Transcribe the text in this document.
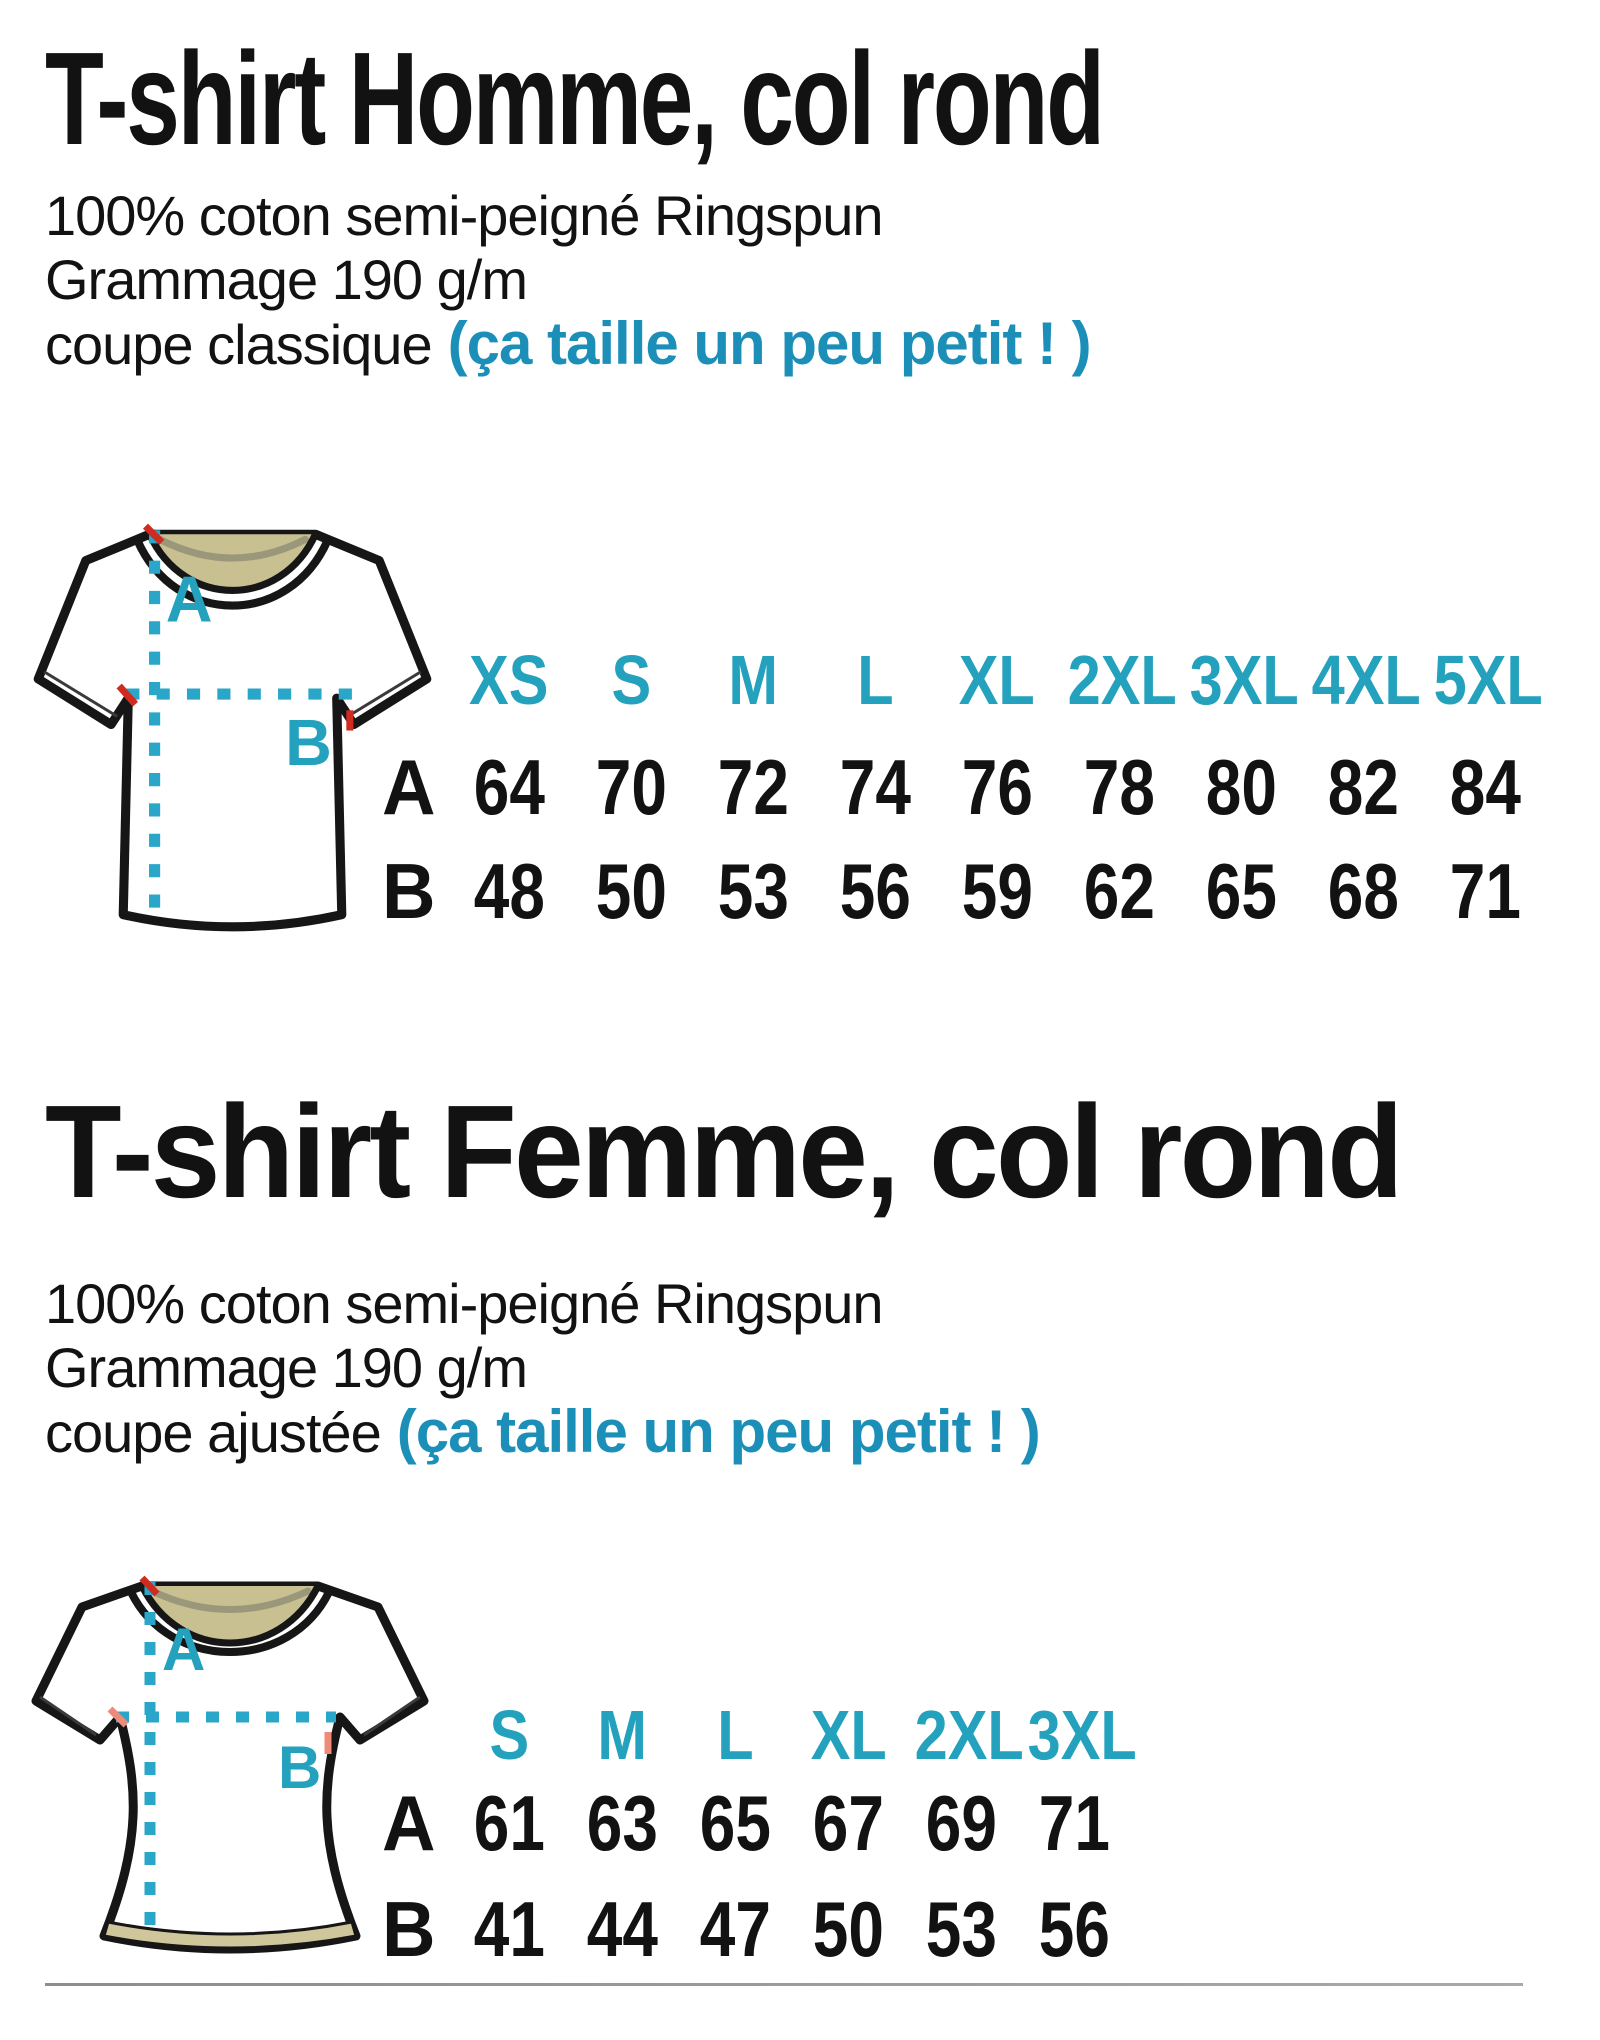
T-shirt Homme, col rond
100% coton semi-peigné Ringspun
Grammage 190 g/m
coupe classique (ça taille un peu petit ! )
A
B
XS S	M	L XL 2XL 3XL 4XL 5XL
A 64 70 72 74 76 78 80 82 84
B 48 50 53 56 59 62 65 68 71
T-shirt Femme, col rond
100% coton semi-peigné Ringspun
Grammage 190 g/m
coupe ajustée (ça taille un peu petit ! )
A
B	S M	L XL 2XL 3XL
A 61 63 65 67 69 71
B 41 44 47 50 53 56
